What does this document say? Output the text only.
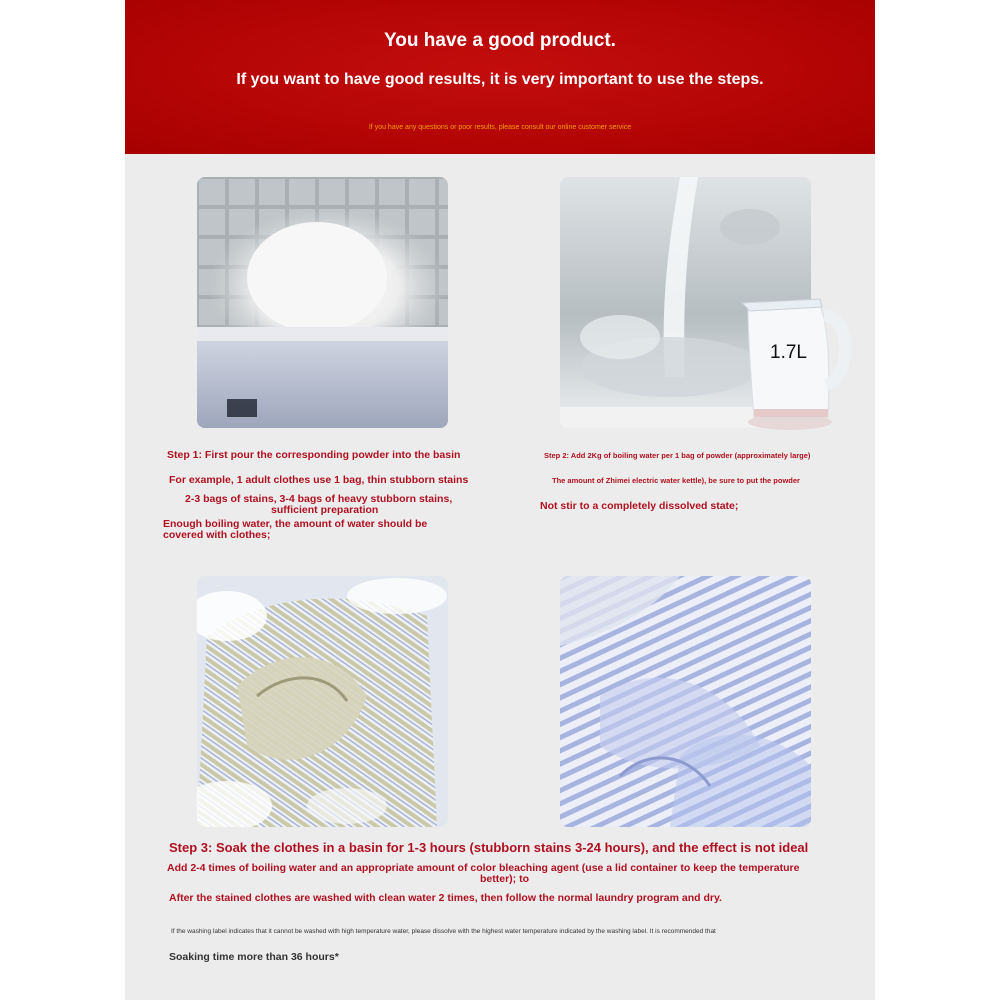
You have a good product.
If you want to have good results, it is very important to use the steps.
If you have any questions or poor results, please consult our online customer service
1.7L
Step 1: First pour the corresponding powder into the basin
For example, 1 adult clothes use 1 bag, thin stubborn stains
2-3 bags of stains, 3-4 bags of heavy stubborn stains,
sufficient preparation
Enough boiling water, the amount of water should be
covered with clothes;
Step 2: Add 2Kg of boiling water per 1 bag of powder (approximately large)
The amount of Zhimei electric water kettle), be sure to put the powder
Not stir to a completely dissolved state;
Step 3: Soak the clothes in a basin for 1-3 hours (stubborn stains 3-24 hours), and the effect is not ideal
Add 2-4 times of boiling water and an appropriate amount of color bleaching agent (use a lid container to keep the temperature
better); to
After the stained clothes are washed with clean water 2 times, then follow the normal laundry program and dry.
If the washing label indicates that it cannot be washed with high temperature water, please dissolve with the highest water temperature indicated by the washing label. It is recommended that
Soaking time more than 36 hours*
